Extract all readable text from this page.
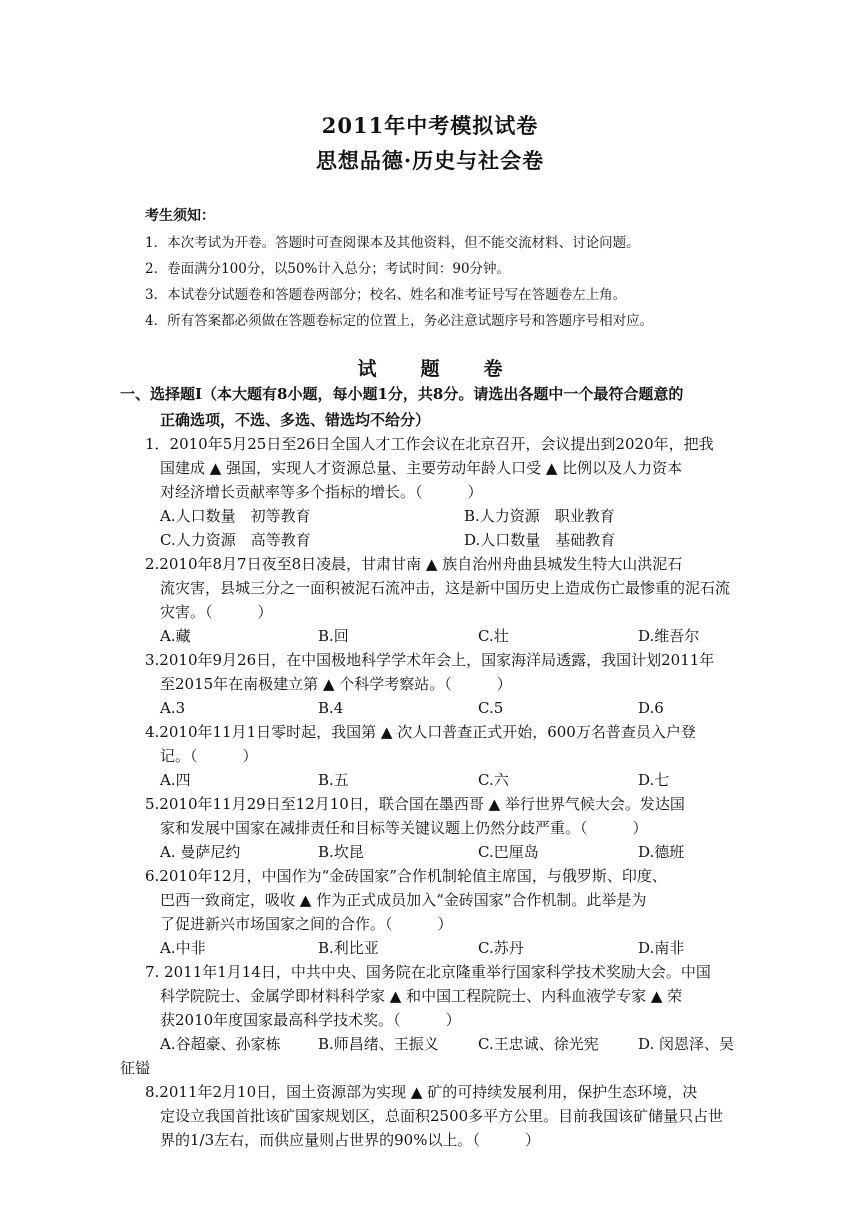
2011年中考模拟试卷
思想品德·历史与社会卷
考生须知：
1．本次考试为开卷。答题时可查阅课本及其他资料，但不能交流材料、讨论问题。
2．卷面满分100分，以50%计入总分；考试时间：90分钟。
3．本试卷分试题卷和答题卷两部分；校名、姓名和准考证号写在答题卷左上角。
4．所有答案都必须做在答题卷标定的位置上，务必注意试题序号和答题序号相对应。
试 题 卷
一、选择题Ⅰ（本大题有8小题，每小题1分，共8分。请选出各题中一个最符合题意的
正确选项，不选、多选、错选均不给分）
1．2010年5月25日至26日全国人才工作会议在北京召开，会议提出到2020年，把我
国建成 ▲ 强国，实现人才资源总量、主要劳动年龄人口受 ▲ 比例以及人力资本
对经济增长贡献率等多个指标的增长。（　　　）
A.人口数量　初等教育	B.人力资源　职业教育
C.人力资源　高等教育	D.人口数量　基础教育
2.2010年8月7日夜至8日凌晨，甘肃甘南 ▲ 族自治州舟曲县城发生特大山洪泥石
流灾害，县城三分之一面积被泥石流冲击，这是新中国历史上造成伤亡最惨重的泥石流
灾害。（　　　）
A.藏	B.回	C.壮	D.维吾尔
3.2010年9月26日，在中国极地科学学术年会上，国家海洋局透露，我国计划2011年
至2015年在南极建立第 ▲ 个科学考察站。（　　　）
A.3	B.4	C.5	D.6
4.2010年11月1日零时起，我国第 ▲ 次人口普查正式开始，600万名普查员入户登
记。（　　　）
A.四	B.五	C.六	D.七
5.2010年11月29日至12月10日，联合国在墨西哥 ▲ 举行世界气候大会。发达国
家和发展中国家在减排责任和目标等关键议题上仍然分歧严重。（　　　）
A. 曼萨尼约	B.坎昆	C.巴厘岛	D.德班
6.2010年12月，中国作为“金砖国家”合作机制轮值主席国，与俄罗斯、印度、
巴西一致商定，吸收 ▲ 作为正式成员加入“金砖国家”合作机制。此举是为
了促进新兴市场国家之间的合作。（　　　）
A.中非	B.利比亚	C.苏丹	D.南非
7. 2011年1月14日，中共中央、国务院在北京隆重举行国家科学技术奖励大会。中国
科学院院士、金属学即材料科学家 ▲ 和中国工程院院士、内科血液学专家 ▲ 荣
获2010年度国家最高科学技术奖。（　　　）
A.谷超豪、孙家栋 B.师昌绪、王振义	C.王忠诚、徐光宪	D. 闵恩泽、吴
征镒
8.2011年2月10日，国土资源部为实现 ▲ 矿的可持续发展利用，保护生态环境，决
定设立我国首批该矿国家规划区，总面积2500多平方公里。目前我国该矿储量只占世
界的1/3左右，而供应量则占世界的90%以上。（　　　）
